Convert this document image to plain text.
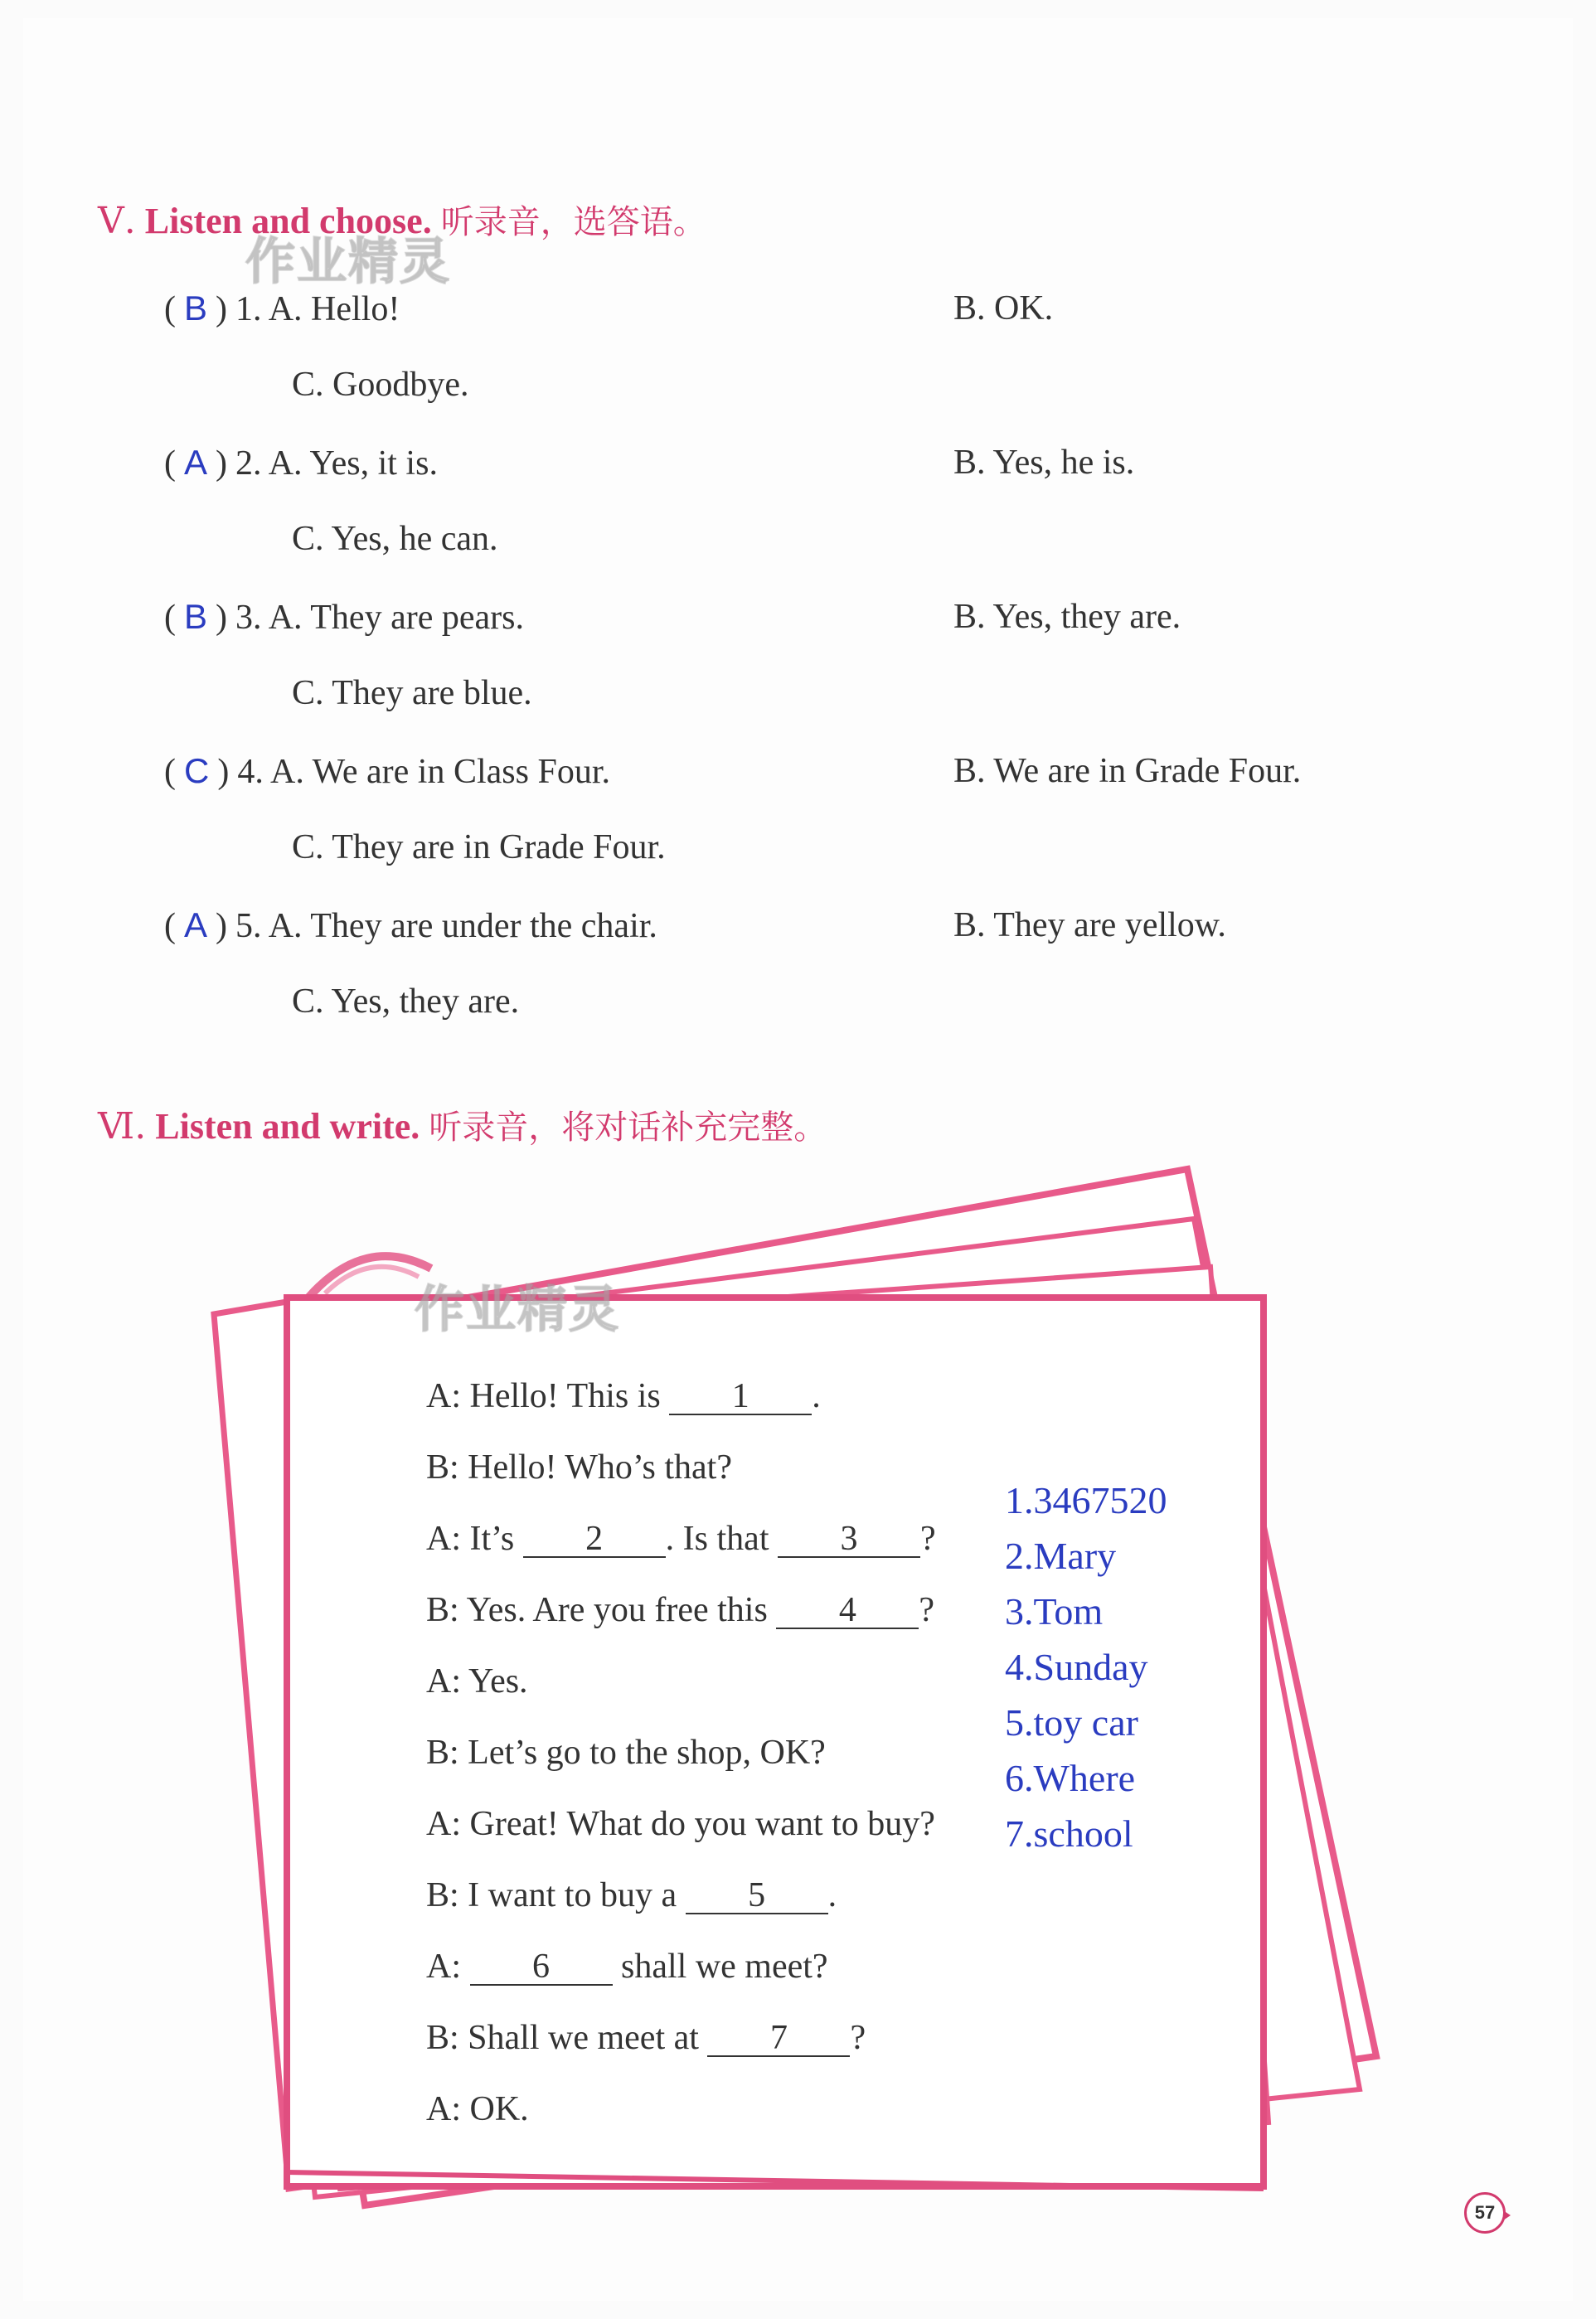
Ⅴ. Listen and choose. 听录音，选答语。
作业精灵
( B ) 1. A. Hello!	B. OK.
C. Goodbye.
( A ) 2. A. Yes, it is.	B. Yes, he is.
C. Yes, he can.
( B ) 3. A. They are pears.	B. Yes, they are.
C. They are blue.
( C ) 4. A. We are in Class Four.	B. We are in Grade Four.
C. They are in Grade Four.
( A ) 5. A. They are under the chair.	B. They are yellow.
C. Yes, they are.
Ⅵ. Listen and write. 听录音，将对话补充完整。
作业精灵
A: Hello! This is 1 .
B: Hello! Who’s that?
A: It’s 2 . Is that 3 ?
B: Yes. Are you free this 4 ?
A: Yes.
B: Let’s go to the shop, OK?
A: Great! What do you want to buy?
B: I want to buy a 5 .
A: 6 shall we meet?
B: Shall we meet at 7 ?
A: OK.
1.3467520
2.Mary
3.Tom
4.Sunday
5.toy car
6.Where
7.school
57
